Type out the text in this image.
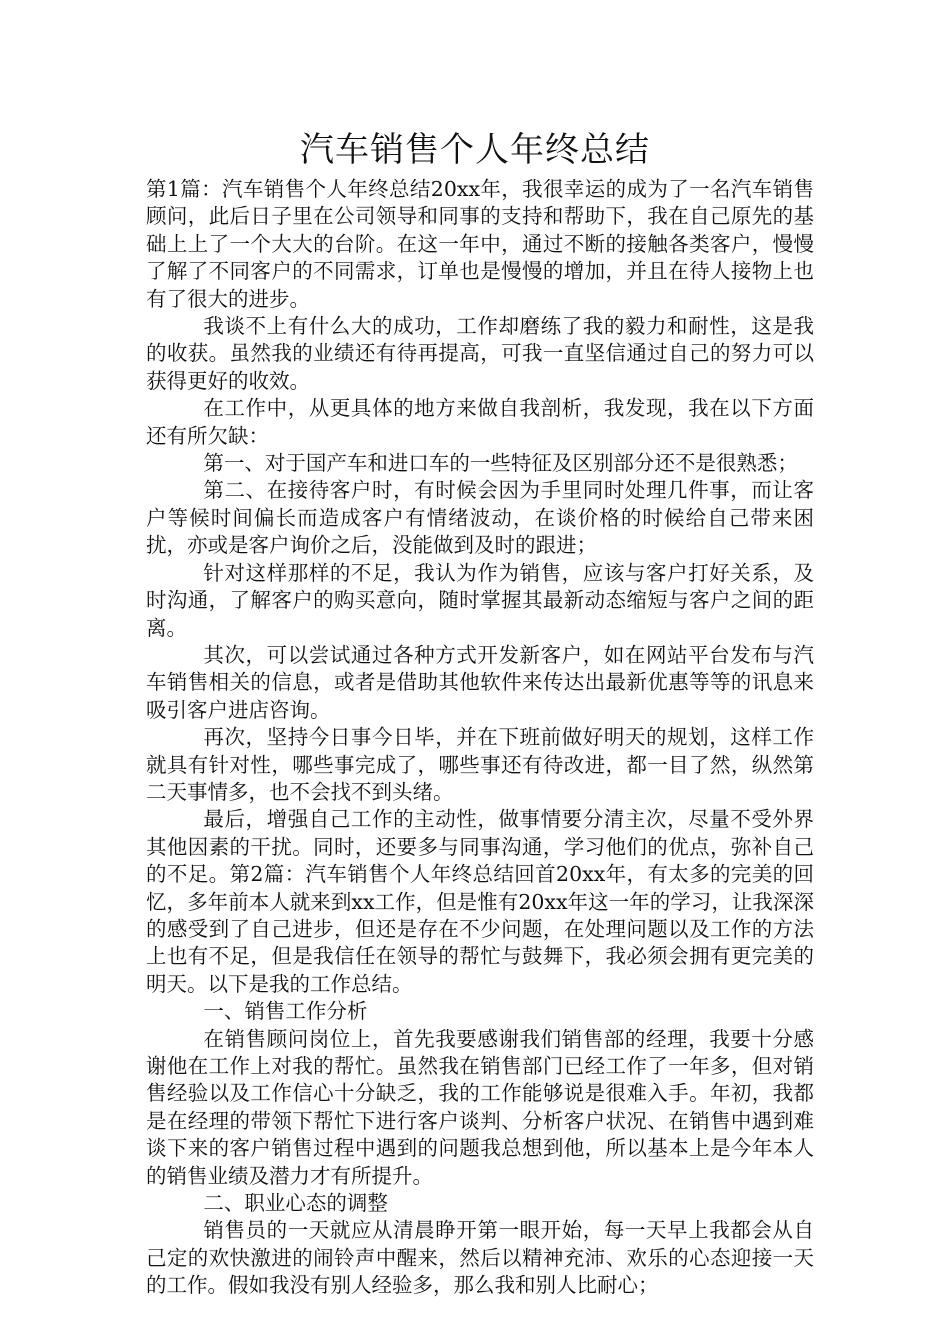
汽车销售个人年终总结

第1篇：汽车销售个人年终总结20xx年，我很幸运的成为了一名汽车销售顾问，此后日子里在公司领导和同事的支持和帮助下，我在自己原先的基础上上了一个大大的台阶。在这一年中，通过不断的接触各类客户，慢慢了解了不同客户的不同需求，订单也是慢慢的增加，并且在待人接物上也有了很大的进步。

我谈不上有什么大的成功，工作却磨练了我的毅力和耐性，这是我的收获。虽然我的业绩还有待再提高，可我一直坚信通过自己的努力可以获得更好的收效。

在工作中，从更具体的地方来做自我剖析，我发现，我在以下方面还有所欠缺：

第一、对于国产车和进口车的一些特征及区别部分还不是很熟悉；

第二、在接待客户时，有时候会因为手里同时处理几件事，而让客户等候时间偏长而造成客户有情绪波动，在谈价格的时候给自己带来困扰，亦或是客户询价之后，没能做到及时的跟进；

针对这样那样的不足，我认为作为销售，应该与客户打好关系，及时沟通，了解客户的购买意向，随时掌握其最新动态缩短与客户之间的距离。

其次，可以尝试通过各种方式开发新客户，如在网站平台发布与汽车销售相关的信息，或者是借助其他软件来传达出最新优惠等等的讯息来吸引客户进店咨询。

再次，坚持今日事今日毕，并在下班前做好明天的规划，这样工作就具有针对性，哪些事完成了，哪些事还有待改进，都一目了然，纵然第二天事情多，也不会找不到头绪。

最后，增强自己工作的主动性，做事情要分清主次，尽量不受外界其他因素的干扰。同时，还要多与同事沟通，学习他们的优点，弥补自己的不足。第2篇：汽车销售个人年终总结回首20xx年，有太多的完美的回忆，多年前本人就来到xx工作，但是惟有20xx年这一年的学习，让我深深的感受到了自己进步，但还是存在不少问题，在处理问题以及工作的方法上也有不足，但是我信任在领导的帮忙与鼓舞下，我必须会拥有更完美的明天。以下是我的工作总结。

一、销售工作分析

在销售顾问岗位上，首先我要感谢我们销售部的经理，我要十分感谢他在工作上对我的帮忙。虽然我在销售部门已经工作了一年多，但对销售经验以及工作信心十分缺乏，我的工作能够说是很难入手。年初，我都是在经理的带领下帮忙下进行客户谈判、分析客户状况、在销售中遇到难谈下来的客户销售过程中遇到的问题我总想到他，所以基本上是今年本人的销售业绩及潜力才有所提升。

二、职业心态的调整

销售员的一天就应从清晨睁开第一眼开始，每一天早上我都会从自己定的欢快激进的闹铃声中醒来，然后以精神充沛、欢乐的心态迎接一天的工作。假如我没有别人经验多，那么我和别人比耐心；
